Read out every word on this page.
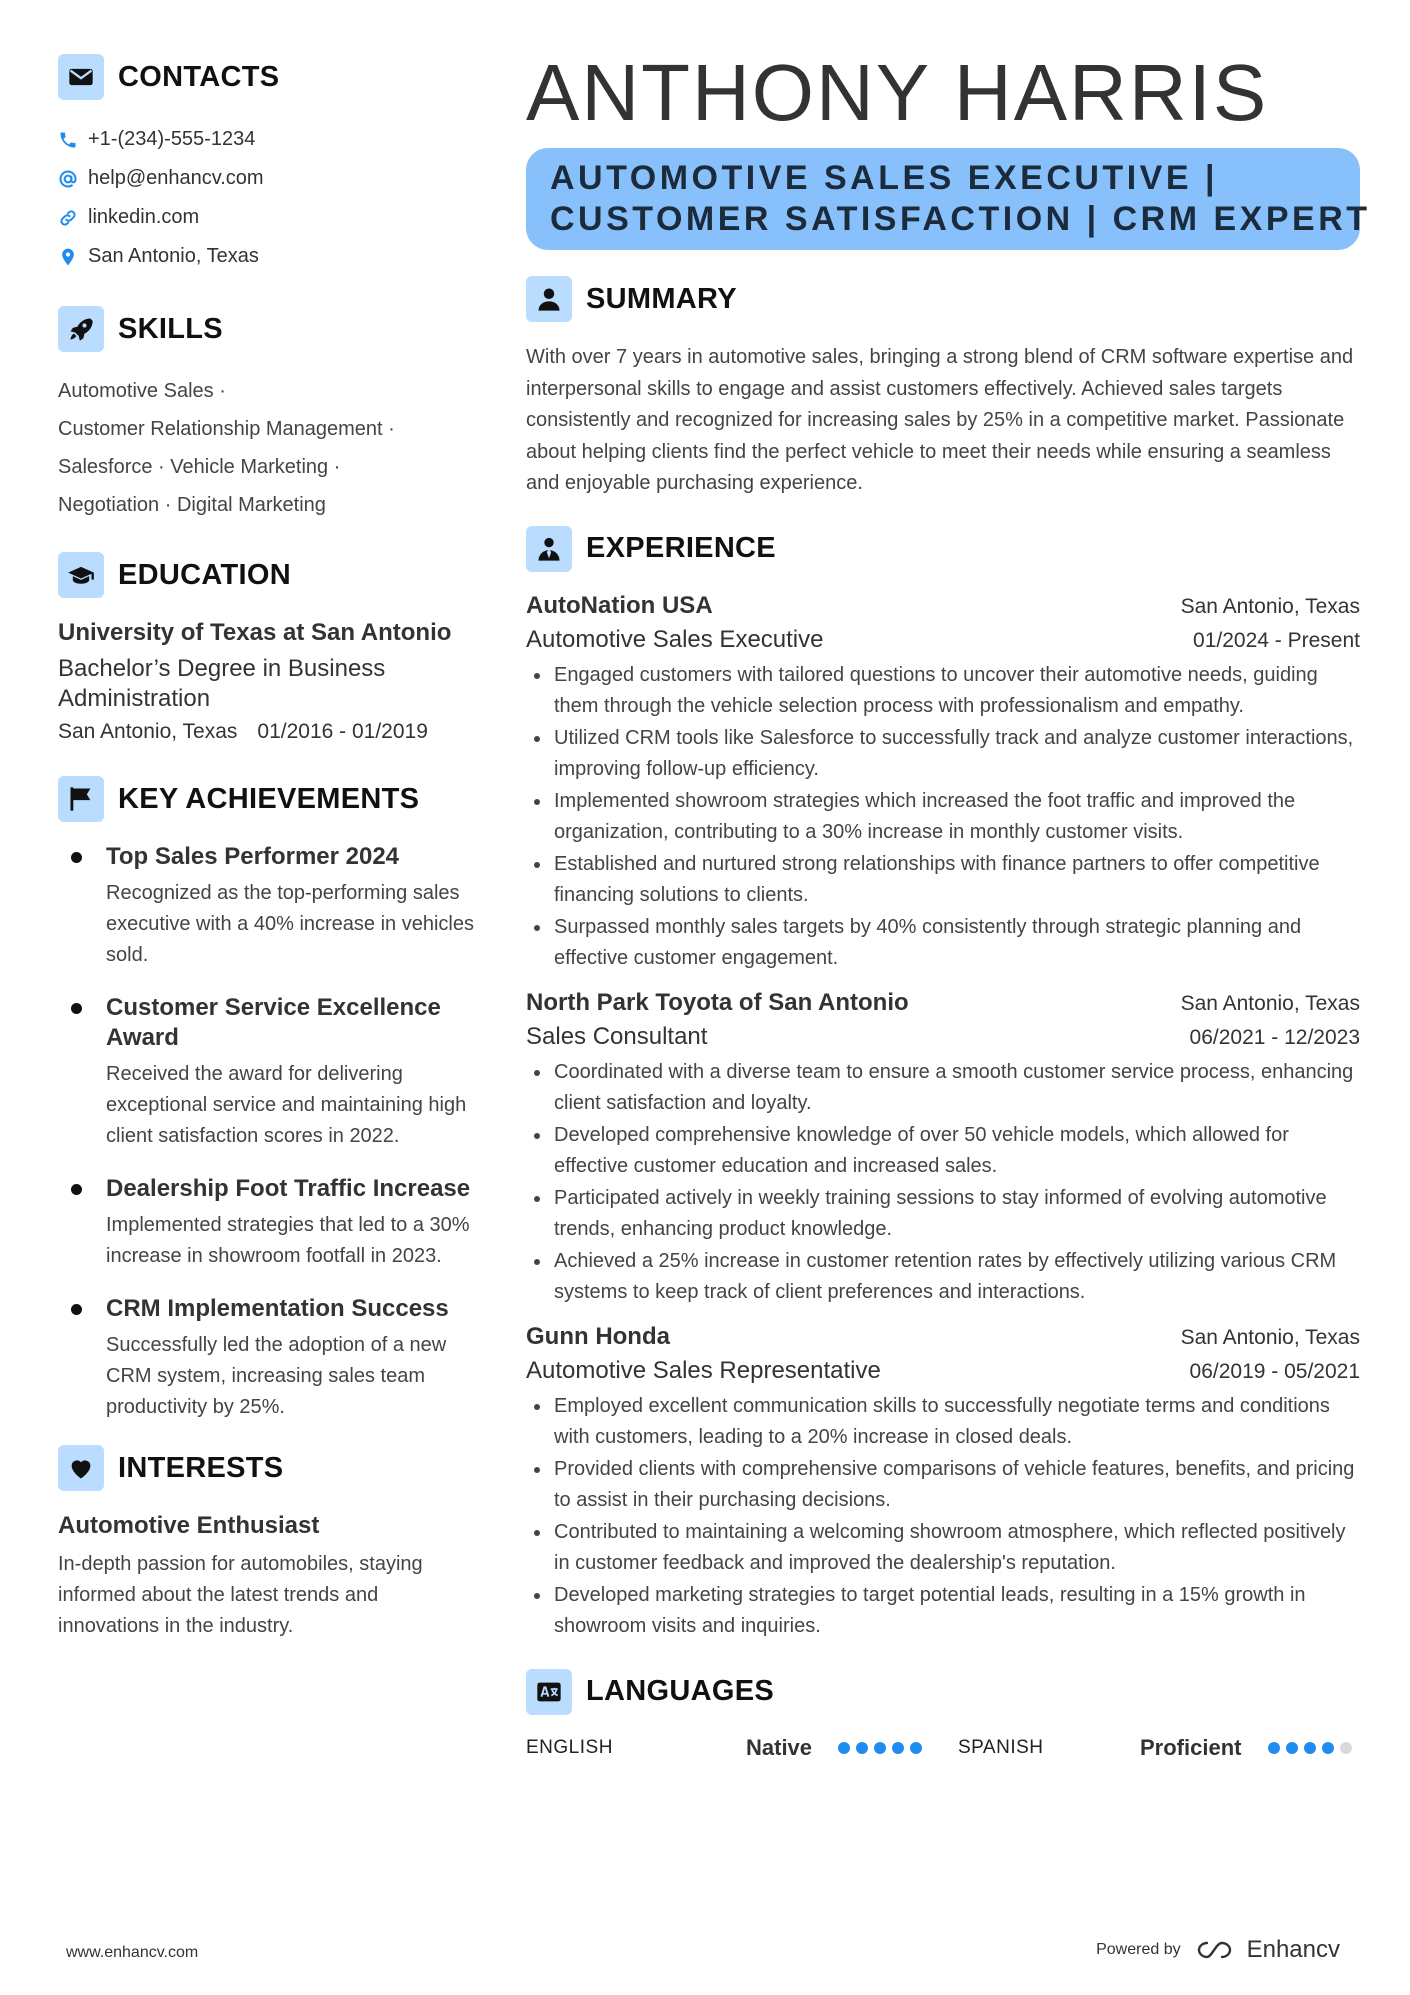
CONTACTS
+1-(234)-555-1234
help@enhancv.com
linkedin.com
San Antonio, Texas
SKILLS
Automotive Sales ·
Customer Relationship Management ·
Salesforce · Vehicle Marketing ·
Negotiation · Digital Marketing
EDUCATION
University of Texas at San Antonio
Bachelor’s Degree in Business Administration
San Antonio, Texas 01/2016 - 01/2019
KEY ACHIEVEMENTS
Top Sales Performer 2024
Recognized as the top-performing sales executive with a 40% increase in vehicles sold.
Customer Service Excellence Award
Received the award for delivering exceptional service and maintaining high client satisfaction scores in 2022.
Dealership Foot Traffic Increase
Implemented strategies that led to a 30% increase in showroom footfall in 2023.
CRM Implementation Success
Successfully led the adoption of a new CRM system, increasing sales team productivity by 25%.
INTERESTS
Automotive Enthusiast
In-depth passion for automobiles, staying informed about the latest trends and innovations in the industry.
ANTHONY HARRIS
AUTOMOTIVE SALES EXECUTIVE |
CUSTOMER SATISFACTION | CRM EXPERT
SUMMARY
With over 7 years in automotive sales, bringing a strong blend of CRM software expertise and interpersonal skills to engage and assist customers effectively. Achieved sales targets consistently and recognized for increasing sales by 25% in a competitive market. Passionate about helping clients find the perfect vehicle to meet their needs while ensuring a seamless and enjoyable purchasing experience.
EXPERIENCE
AutoNation USA	San Antonio, Texas
Automotive Sales Executive	01/2024 - Present
Engaged customers with tailored questions to uncover their automotive needs, guiding them through the vehicle selection process with professionalism and empathy.
Utilized CRM tools like Salesforce to successfully track and analyze customer interactions, improving follow-up efficiency.
Implemented showroom strategies which increased the foot traffic and improved the organization, contributing to a 30% increase in monthly customer visits.
Established and nurtured strong relationships with finance partners to offer competitive financing solutions to clients.
Surpassed monthly sales targets by 40% consistently through strategic planning and effective customer engagement.
North Park Toyota of San Antonio	San Antonio, Texas
Sales Consultant	06/2021 - 12/2023
Coordinated with a diverse team to ensure a smooth customer service process, enhancing client satisfaction and loyalty.
Developed comprehensive knowledge of over 50 vehicle models, which allowed for effective customer education and increased sales.
Participated actively in weekly training sessions to stay informed of evolving automotive trends, enhancing product knowledge.
Achieved a 25% increase in customer retention rates by effectively utilizing various CRM systems to keep track of client preferences and interactions.
Gunn Honda	San Antonio, Texas
Automotive Sales Representative	06/2019 - 05/2021
Employed excellent communication skills to successfully negotiate terms and conditions with customers, leading to a 20% increase in closed deals.
Provided clients with comprehensive comparisons of vehicle features, benefits, and pricing to assist in their purchasing decisions.
Contributed to maintaining a welcoming showroom atmosphere, which reflected positively in customer feedback and improved the dealership's reputation.
Developed marketing strategies to target potential leads, resulting in a 15% growth in showroom visits and inquiries.
LANGUAGES
ENGLISH	Native	SPANISH	Proficient
www.enhancv.com	Powered by	Enhancv
